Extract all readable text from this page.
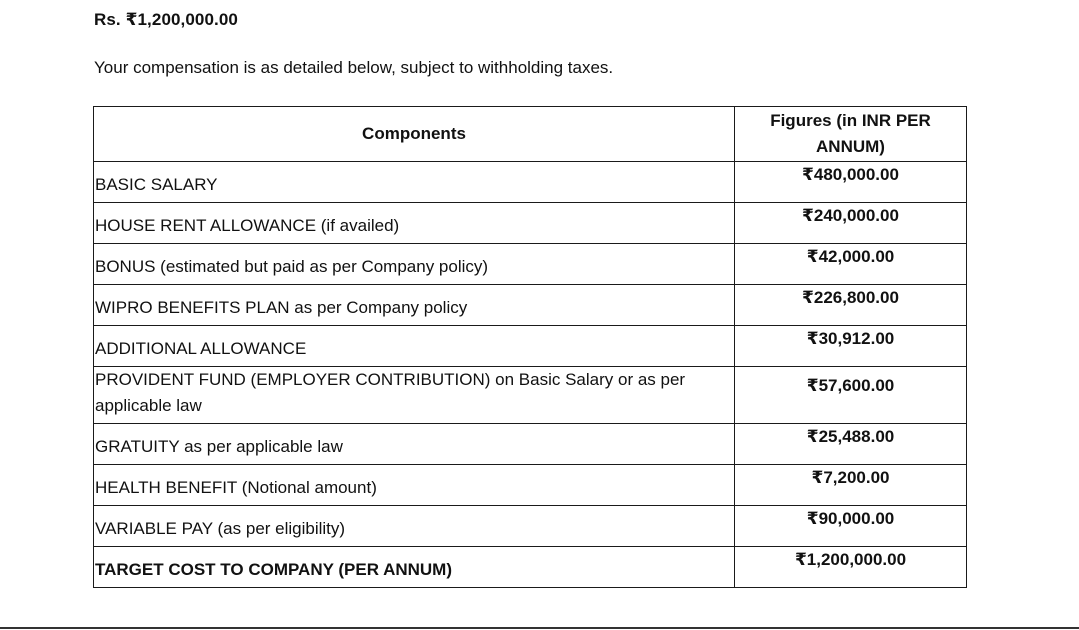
Rs. ₹1,200,000.00
Your compensation is as detailed below, subject to withholding taxes.
Components	Figures (in INR PER ANNUM)
BASIC SALARY	₹480,000.00
HOUSE RENT ALLOWANCE (if availed)	₹240,000.00
BONUS (estimated but paid as per Company policy)	₹42,000.00
WIPRO BENEFITS PLAN as per Company policy	₹226,800.00
ADDITIONAL ALLOWANCE	₹30,912.00
PROVIDENT FUND (EMPLOYER CONTRIBUTION) on Basic Salary or as per applicable law	₹57,600.00
GRATUITY as per applicable law	₹25,488.00
HEALTH BENEFIT (Notional amount)	₹7,200.00
VARIABLE PAY (as per eligibility)	₹90,000.00
TARGET COST TO COMPANY (PER ANNUM)	₹1,200,000.00
